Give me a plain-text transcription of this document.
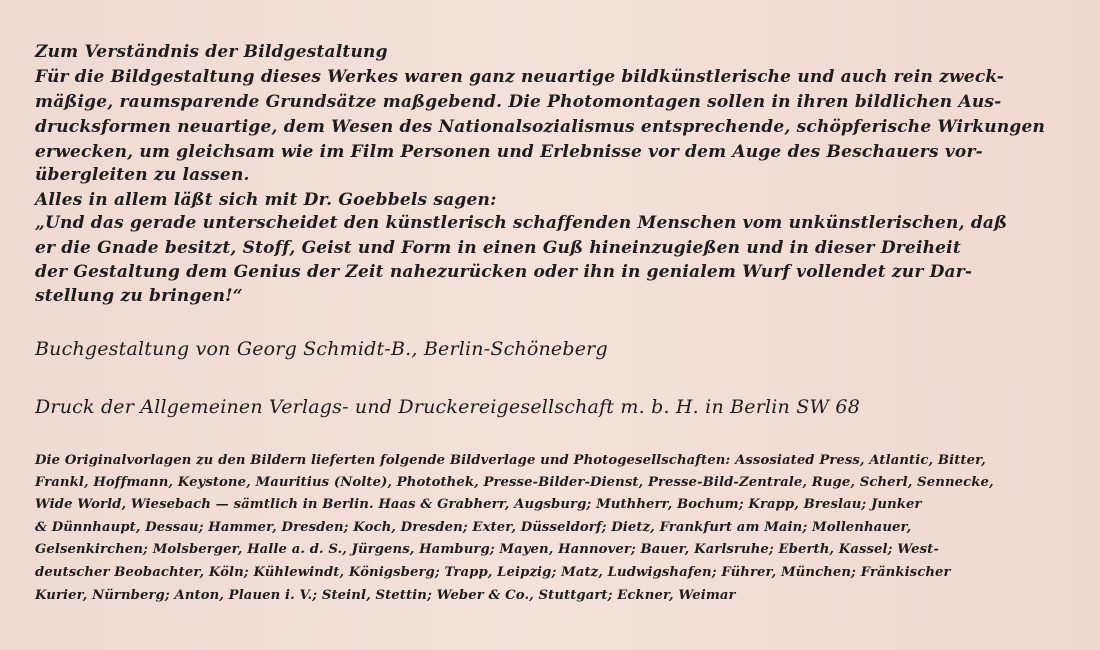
Zum Verständnis der Bildgestaltung
Für die Bildgestaltung dieses Werkes waren ganz neuartige bildkünstlerische und auch rein zweck-
mäßige, raumsparende Grundsätze maßgebend. Die Photomontagen sollen in ihren bildlichen Aus-
drucksformen neuartige, dem Wesen des Nationalsozialismus entsprechende, schöpferische Wirkungen
erwecken, um gleichsam wie im Film Personen und Erlebnisse vor dem Auge des Beschauers vor-
übergleiten zu lassen.
Alles in allem läßt sich mit Dr. Goebbels sagen:
„Und das gerade unterscheidet den künstlerisch schaffenden Menschen vom unkünstlerischen, daß
er die Gnade besitzt, Stoff, Geist und Form in einen Guß hineinzugießen und in dieser Dreiheit
der Gestaltung dem Genius der Zeit nahezurücken oder ihn in genialem Wurf vollendet zur Dar-
stellung zu bringen!“
Buchgestaltung von Georg Schmidt-B., Berlin-Schöneberg
Druck der Allgemeinen Verlags- und Druckereigesellschaft m. b. H. in Berlin SW 68
Die Originalvorlagen zu den Bildern lieferten folgende Bildverlage und Photogesellschaften: Assosiated Press, Atlantic, Bitter,
Frankl, Hoffmann, Keystone, Mauritius (Nolte), Photothek, Presse-Bilder-Dienst, Presse-Bild-Zentrale, Ruge, Scherl, Sennecke,
Wide World, Wiesebach — sämtlich in Berlin. Haas & Grabherr, Augsburg; Muthherr, Bochum; Krapp, Breslau; Junker
& Dünnhaupt, Dessau; Hammer, Dresden; Koch, Dresden; Exter, Düsseldorf; Dietz, Frankfurt am Main; Mollenhauer,
Gelsenkirchen; Molsberger, Halle a. d. S., Jürgens, Hamburg; Mayen, Hannover; Bauer, Karlsruhe; Eberth, Kassel; West-
deutscher Beobachter, Köln; Kühlewindt, Königsberg; Trapp, Leipzig; Matz, Ludwigshafen; Führer, München; Fränkischer
Kurier, Nürnberg; Anton, Plauen i. V.; Steinl, Stettin; Weber & Co., Stuttgart; Eckner, Weimar
